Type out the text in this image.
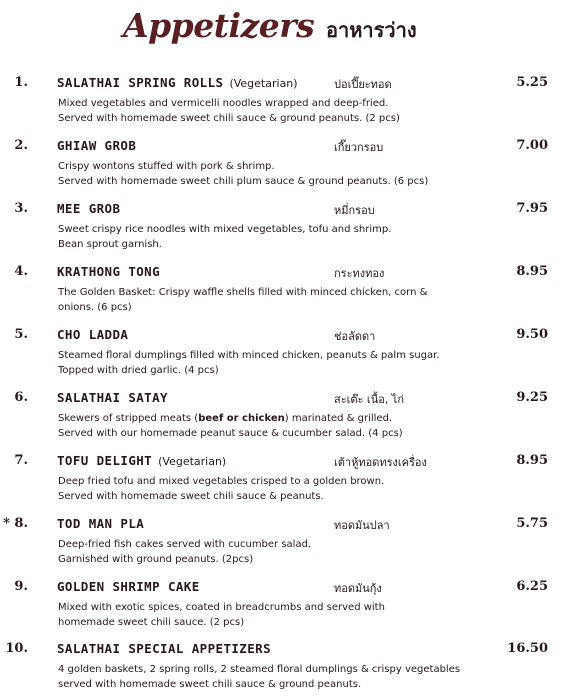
Appetizers อาหารว่าง
1. SALATHAI SPRING ROLLS (Vegetarian)	ปอเปี๊ยะทอด	5.25
Mixed vegetables and vermicelli noodles wrapped and deep-fried.
Served with homemade sweet chili sauce & ground peanuts. (2 pcs)
2. GHIAW GROB	เกี๊ยวกรอบ	7.00
Crispy wontons stuffed with pork & shrimp.
Served with homemade sweet chili plum sauce & ground peanuts. (6 pcs)
3. MEE GROB	หมี่กรอบ	7.95
Sweet crispy rice noodles with mixed vegetables, tofu and shrimp.
Bean sprout garnish.
4. KRATHONG TONG	กระทงทอง	8.95
The Golden Basket: Crispy waffle shells filled with minced chicken, corn &
onions. (6 pcs)
5. CHO LADDA	ช่อลัดดา	9.50
Steamed floral dumplings filled with minced chicken, peanuts & palm sugar.
Topped with dried garlic. (4 pcs)
6. SALATHAI SATAY	สะเต๊ะ เนื้อ, ไก่	9.25
Skewers of stripped meats (beef or chicken) marinated & grilled.
Served with our homemade peanut sauce & cucumber salad. (4 pcs)
7. TOFU DELIGHT (Vegetarian)	เต้าหู้ทอดทรงเครื่อง	8.95
Deep fried tofu and mixed vegetables crisped to a golden brown.
Served with homemade sweet chili sauce & peanuts.
* 8. TOD MAN PLA	ทอดมันปลา	5.75
Deep-fried fish cakes served with cucumber salad.
Garnished with ground peanuts. (2pcs)
9. GOLDEN SHRIMP CAKE	ทอดมันกุ้ง	6.25
Mixed with exotic spices, coated in breadcrumbs and served with
homemade sweet chili sauce. (2 pcs)
10. SALATHAI SPECIAL APPETIZERS	16.50
4 golden baskets, 2 spring rolls, 2 steamed floral dumplings & crispy vegetables
served with homemade sweet chili sauce & ground peanuts.
